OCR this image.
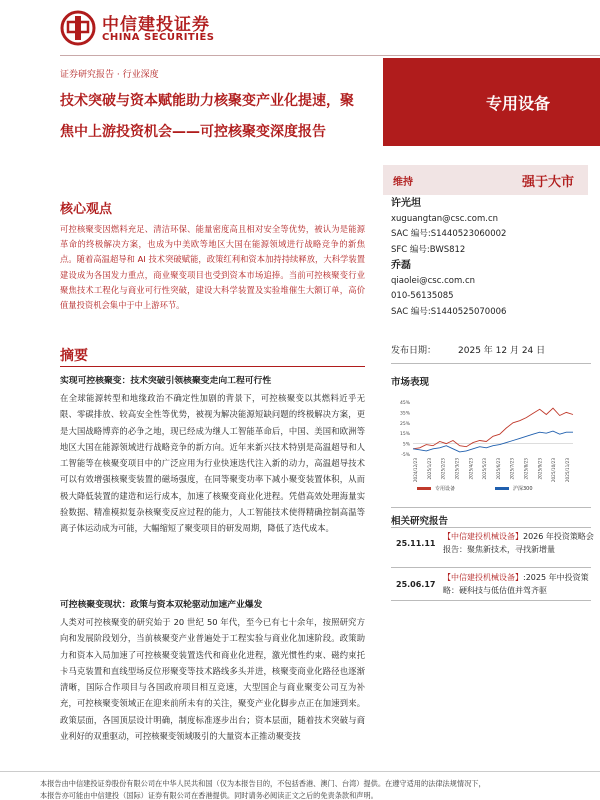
中信建投证券
CHINA SECURITIES
证券研究报告 · 行业深度
技术突破与资本赋能助力核聚变产业化提速，聚焦中上游投资机会——可控核聚变深度报告
专用设备
维持	强于大市
许光坦
xuguangtan@csc.com.cn
SAC 编号:S1440523060002
SFC 编号:BWS812
乔磊
qiaolei@csc.com.cn
010-56135085
SAC 编号:S1440525070006
核心观点
可控核聚变因燃料充足、清洁环保、能量密度高且相对安全等优势，被认为是能源革命的终极解决方案，也成为中美欧等地区大国在能源领域进行战略竞争的新焦点。随着高温超导和 AI 技术突破赋能，政策红利和资本加持持续释放，大科学装置建设成为各国发力重点，商业聚变项目也受到资本市场追捧。当前可控核聚变行业聚焦技术工程化与商业可行性突破，建设大科学装置及实验堆催生大额订单，高价值量投资机会集中于中上游环节。
摘要
实现可控核聚变：技术突破引领核聚变走向工程可行性
在全球能源转型和地缘政治不确定性加剧的背景下，可控核聚变以其燃料近乎无限、零碳排放、较高安全性等优势，被视为解决能源短缺问题的终极解决方案，更是大国战略博弈的必争之地，现已经成为继人工智能革命后，中国、美国和欧洲等地区大国在能源领域进行战略竞争的新方向。近年来新兴技术特别是高温超导和人工智能等在核聚变项目中的广泛应用为行业快速迭代注入新的动力，高温超导技术可以有效增强核聚变装置的磁场强度，在同等聚变功率下减小聚变装置体积，从而极大降低装置的建造和运行成本，加速了核聚变商业化进程。凭借高效处理海量实验数据、精准模拟复杂核聚变反应过程的能力，人工智能技术使得精确控制高温等离子体运动成为可能，大幅缩短了聚变项目的研发周期，降低了迭代成本。
可控核聚变现状：政策与资本双轮驱动加速产业爆发
人类对可控核聚变的研究始于 20 世纪 50 年代，至今已有七十余年，按照研究方向和发展阶段划分，当前核聚变产业普遍处于工程实验与商业化加速阶段。政策助力和资本入局加速了可控核聚变装置迭代和商业化进程，激光惯性约束、磁约束托卡马克装置和直线型场反位形聚变等技术路线多头并进，核聚变商业化路径也逐渐清晰，国际合作项目与各国政府项目相互竞速，大型国企与商业聚变公司互为补充，可控核聚变领域正在迎来前所未有的关注，聚变产业化脚步点正在加速到来。政策层面，各国顶层设计明确，制度标准逐步出台；资本层面，随着技术突破与商业利好的双重驱动，可控核聚变领域吸引的大量资本正推动聚变技
发布日期： 2025 年 12 月 24 日
市场表现
45%
35%
25%
15%
5%
-5%
2024/12/23 2025/1/23 2025/2/23 2025/3/23 2025/4/23 2025/5/23 2025/6/23 2025/7/23 2025/8/23 2025/9/23 2025/10/23 2025/11/23
专用设备	沪深300
相关研究报告
25.11.11
【中信建投机械设备】2026 年投资策略会报告：聚焦新技术，寻找新增量
25.06.17
【中信建投机械设备】:2025 年中投资策略：硬科技与低估值并驾齐驱
本报告由中信建投证券股份有限公司在中华人民共和国（仅为本报告目的，不包括香港、澳门、台湾）提供。在遵守适用的法律法规情况下，
本报告亦可能由中信建投（国际）证券有限公司在香港提供。同时请务必阅读正文之后的免责条款和声明。
